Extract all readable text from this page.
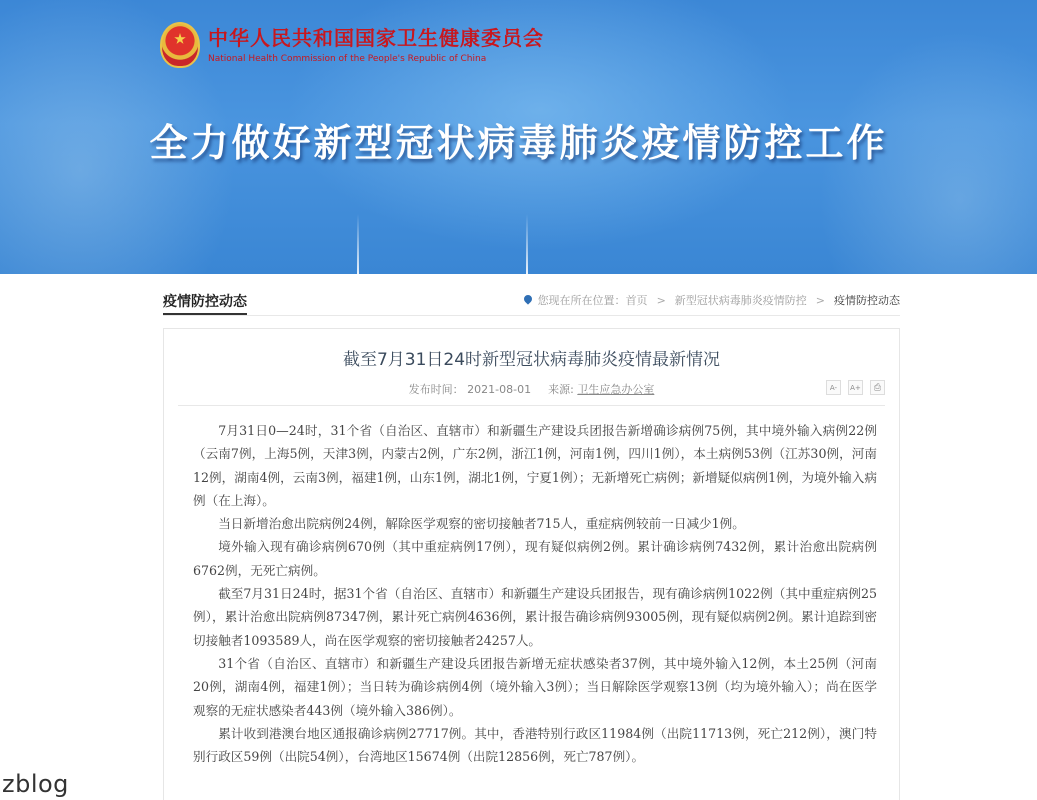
中华人民共和国国家卫生健康委员会
National Health Commission of the People's Republic of China
全力做好新型冠状病毒肺炎疫情防控工作
疫情防控动态	您现在所在位置： 首页 > 新型冠状病毒肺炎疫情防控 > 疫情防控动态
截至7月31日24时新型冠状病毒肺炎疫情最新情况
发布时间： 2021-08-01 来源: 卫生应急办公室	A- A+ ⎙

7月31日0—24时，31个省（自治区、直辖市）和新疆生产建设兵团报告新增确诊病例75例，其中境外输入病例22例（云南7例，上海5例，天津3例，内蒙古2例，广东2例，浙江1例，河南1例，四川1例），本土病例53例（江苏30例，河南12例，湖南4例，云南3例，福建1例，山东1例，湖北1例，宁夏1例）；无新增死亡病例；新增疑似病例1例，为境外输入病例（在上海）。

当日新增治愈出院病例24例，解除医学观察的密切接触者715人，重症病例较前一日减少1例。

境外输入现有确诊病例670例（其中重症病例17例），现有疑似病例2例。累计确诊病例7432例，累计治愈出院病例6762例，无死亡病例。

截至7月31日24时，据31个省（自治区、直辖市）和新疆生产建设兵团报告，现有确诊病例1022例（其中重症病例25例），累计治愈出院病例87347例，累计死亡病例4636例，累计报告确诊病例93005例，现有疑似病例2例。累计追踪到密切接触者1093589人，尚在医学观察的密切接触者24257人。

31个省（自治区、直辖市）和新疆生产建设兵团报告新增无症状感染者37例，其中境外输入12例，本土25例（河南20例，湖南4例，福建1例）；当日转为确诊病例4例（境外输入3例）；当日解除医学观察13例（均为境外输入）；尚在医学观察的无症状感染者443例（境外输入386例）。

累计收到港澳台地区通报确诊病例27717例。其中，香港特别行政区11984例（出院11713例，死亡212例），澳门特别行政区59例（出院54例），台湾地区15674例（出院12856例，死亡787例）。

zblog
